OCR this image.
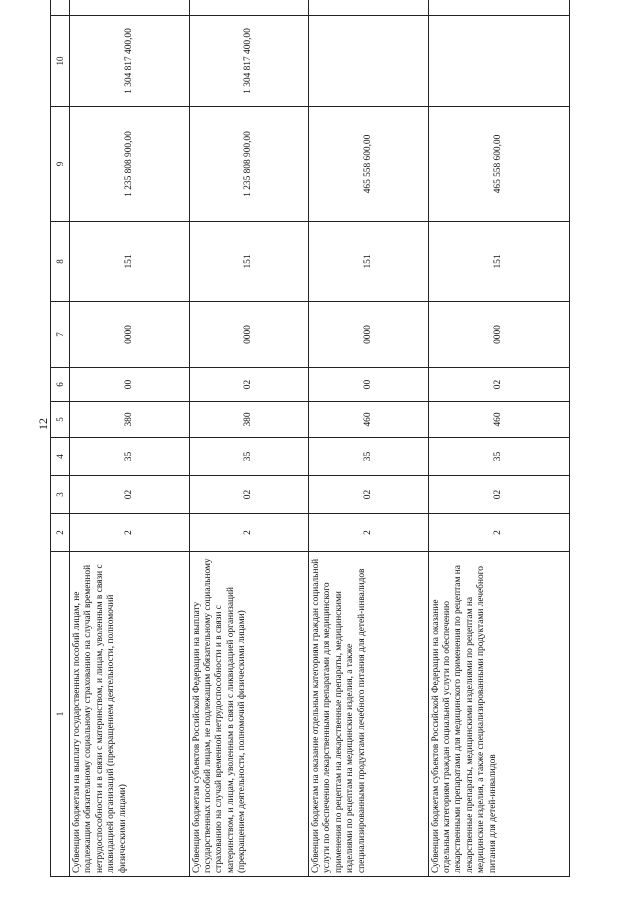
12
1	2	3	4	5	6	7	8	9	10	
Субвенции бюджетам на выплату государственных пособий лицам, не подлежащим обязательному социальному страхованию на случай временной нетрудоспособности и в связи с материнством, и лицам, уволенным в связи с ликвидацией организаций (прекращением деятельности, полномочий физическими лицами)	2	02	35	380	00	0000	151	1 235 808 900,00	1 304 817 400,00	
Субвенции бюджетам субъектов Российской Федерации на выплату государственных пособий лицам, не подлежащим обязательному социальному страхованию на случай временной нетрудоспособности и в связи с материнством, и лицам, уволенным в связи с ликвидацией организаций (прекращением деятельности, полномочий физическими лицами)	2	02	35	380	02	0000	151	1 235 808 900,00	1 304 817 400,00	
Субвенции бюджетам на оказание отдельным категориям граждан социальной услуги по обеспечению лекарственными препаратами для медицинского применения по рецептам на лекарственные препараты, медицинскими изделиями по рецептам на медицинские изделия, а также специализированными продуктами лечебного питания для детей-инвалидов	2	02	35	460	00	0000	151	465 558 600,00		
Субвенции бюджетам субъектов Российской Федерации на оказание отдельным категориям граждан социальной услуги по обеспечению лекарственными препаратами для медицинского применения по рецептам на лекарственные препараты, медицинскими изделиями по рецептам на медицинские изделия, а также специализированными продуктами лечебного питания для детей-инвалидов	2	02	35	460	02	0000	151	465 558 600,00		
